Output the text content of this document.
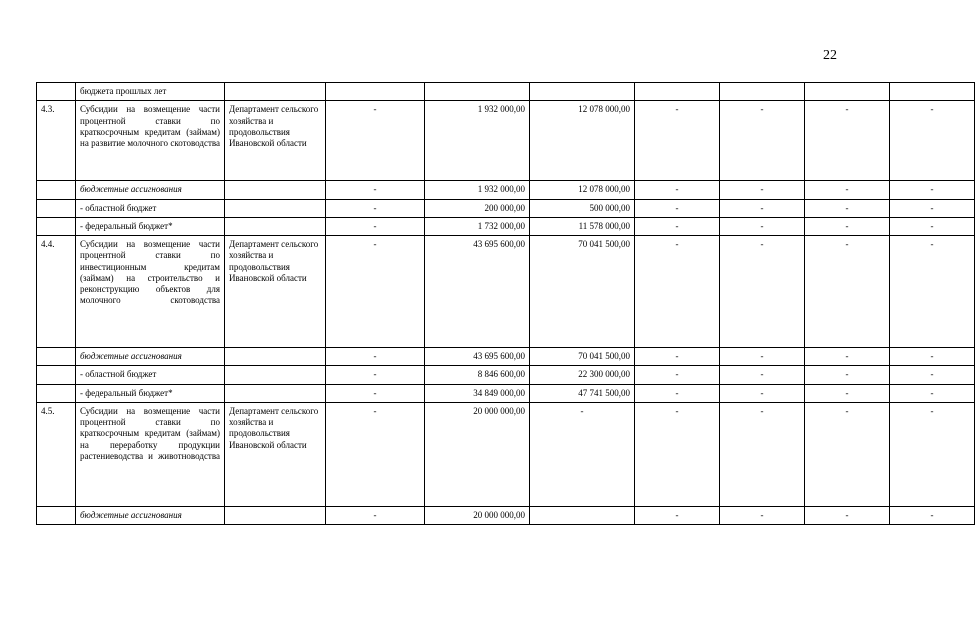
22
	бюджета прошлых лет								
4.3.	Субсидии на возмещение части процентной ставки по краткосрочным кредитам (займам) на развитие молочного скотоводства	Департамент сельского хозяйства и продовольствия Ивановской области	-	1 932 000,00	12 078 000,00	-	-	-	-
	бюджетные ассигнования		-	1 932 000,00	12 078 000,00	-	-	-	-
	- областной бюджет		-	200 000,00	500 000,00	-	-	-	-
	- федеральный бюджет*		-	1 732 000,00	11 578 000,00	-	-	-	-
4.4.	Субсидии на возмещение части процентной ставки по инвестиционным кредитам (займам) на строительство и реконструкцию объектов для молочного скотоводства	Департамент сельского хозяйства и продовольствия Ивановской области	-	43 695 600,00	70 041 500,00	-	-	-	-
	бюджетные ассигнования		-	43 695 600,00	70 041 500,00	-	-	-	-
	- областной бюджет		-	8 846 600,00	22 300 000,00	-	-	-	-
	- федеральный бюджет*		-	34 849 000,00	47 741 500,00	-	-	-	-
4.5.	Субсидии на возмещение части процентной ставки по краткосрочным кредитам (займам) на переработку продукции растениеводства и животноводства	Департамент сельского хозяйства и продовольствия Ивановской области	-	20 000 000,00	-	-	-	-	-
	бюджетные ассигнования		-	20 000 000,00		-	-	-	-
